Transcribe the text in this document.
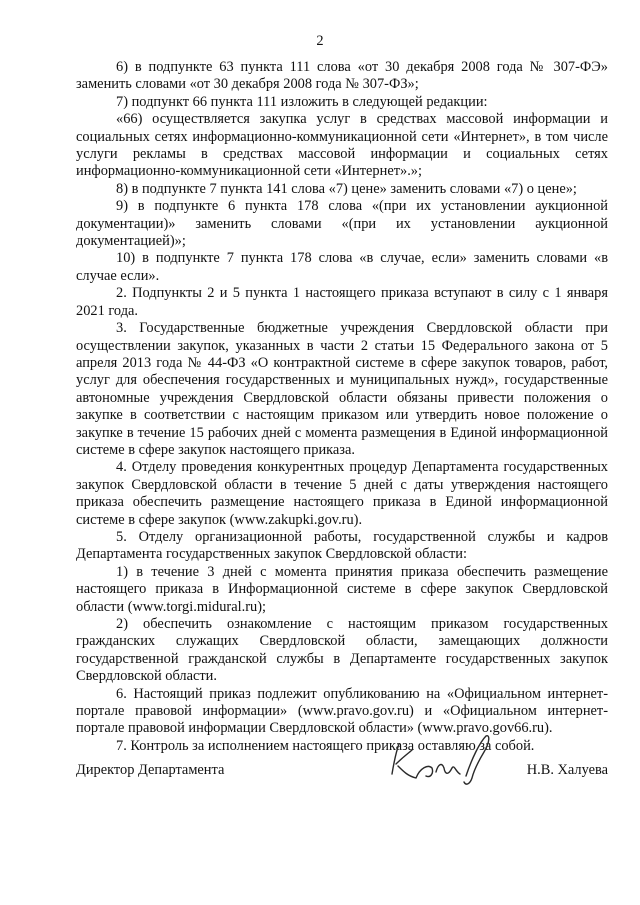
2

6) в подпункте 63 пункта 111 слова «от 30 декабря 2008 года № 307-ФЭ» заменить словами «от 30 декабря 2008 года № 307-ФЗ»;

7) подпункт 66 пункта 111 изложить в следующей редакции:

«66) осуществляется закупка услуг в средствах массовой информации и социальных сетях информационно-коммуникационной сети «Интернет», в том числе услуги рекламы в средствах массовой информации и социальных сетях информационно-коммуникационной сети «Интернет».»;

8) в подпункте 7 пункта 141 слова «7) цене» заменить словами «7) о цене»;

9) в подпункте 6 пункта 178 слова «(при их установлении аукционной документации)» заменить словами «(при их установлении аукционной документацией)»;

10) в подпункте 7 пункта 178 слова «в случае, если» заменить словами «в случае если».

2. Подпункты 2 и 5 пункта 1 настоящего приказа вступают в силу с 1 января 2021 года.

3. Государственные бюджетные учреждения Свердловской области при осуществлении закупок, указанных в части 2 статьи 15 Федерального закона от 5 апреля 2013 года № 44-ФЗ «О контрактной системе в сфере закупок товаров, работ, услуг для обеспечения государственных и муниципальных нужд», государственные автономные учреждения Свердловской области обязаны привести положения о закупке в соответствии с настоящим приказом или утвердить новое положение о закупке в течение 15 рабочих дней с момента размещения в Единой информационной системе в сфере закупок настоящего приказа.

4. Отделу проведения конкурентных процедур Департамента государственных закупок Свердловской области в течение 5 дней с даты утверждения настоящего приказа обеспечить размещение настоящего приказа в Единой информационной системе в сфере закупок (www.zakupki.gov.ru).

5. Отделу организационной работы, государственной службы и кадров Департамента государственных закупок Свердловской области:

1) в течение 3 дней с момента принятия приказа обеспечить размещение настоящего приказа в Информационной системе в сфере закупок Свердловской области (www.torgi.midural.ru);

2) обеспечить ознакомление с настоящим приказом государственных гражданских служащих Свердловской области, замещающих должности государственной гражданской службы в Департаменте государственных закупок Свердловской области.

6. Настоящий приказ подлежит опубликованию на «Официальном интернет-портале правовой информации» (www.pravo.gov.ru) и «Официальном интернет-портале правовой информации Свердловской области» (www.pravo.gov66.ru).

7. Контроль за исполнением настоящего приказа оставляю за собой.

Директор Департамента	Н.В. Халуева
